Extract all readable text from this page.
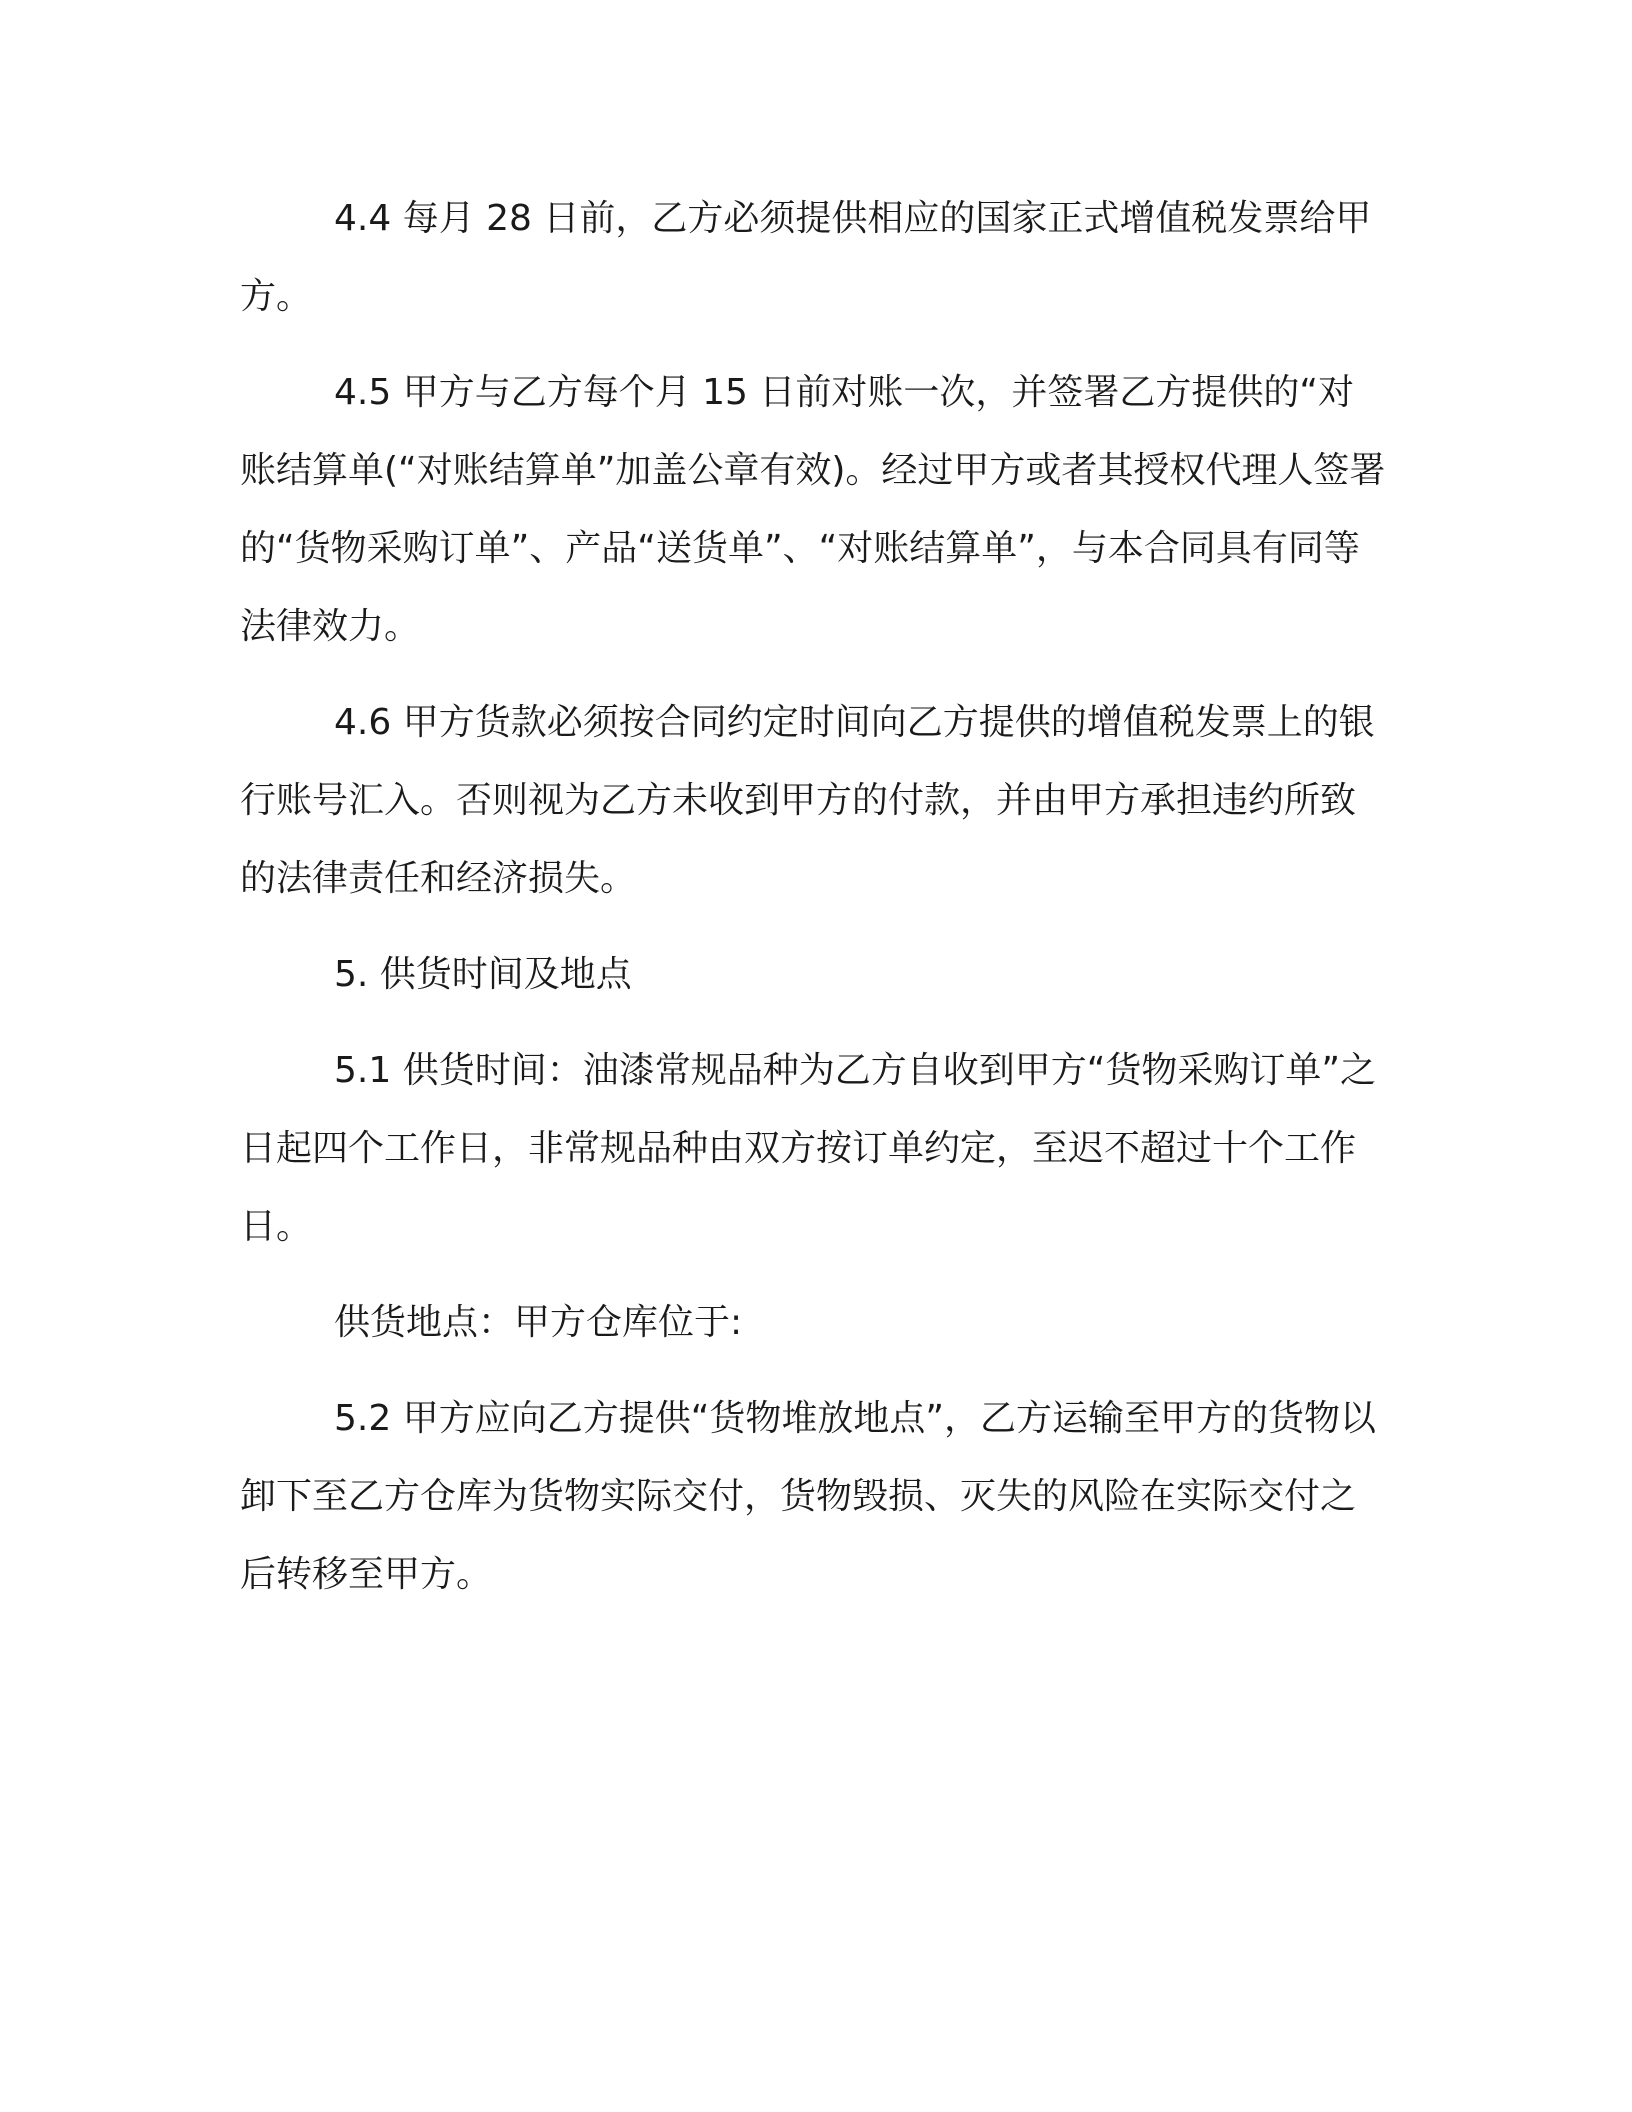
4.4 每月 28 日前，乙方必须提供相应的国家正式增值税发票给甲方。

4.5 甲方与乙方每个月 15 日前对账一次，并签署乙方提供的“对账结算单(“对账结算单”加盖公章有效)。经过甲方或者其授权代理人签署的“货物采购订单”、产品“送货单”、“对账结算单”，与本合同具有同等法律效力。

4.6 甲方货款必须按合同约定时间向乙方提供的增值税发票上的银行账号汇入。否则视为乙方未收到甲方的付款，并由甲方承担违约所致的法律责任和经济损失。

5. 供货时间及地点

5.1 供货时间：油漆常规品种为乙方自收到甲方“货物采购订单”之日起四个工作日，非常规品种由双方按订单约定，至迟不超过十个工作日。

供货地点：甲方仓库位于:

5.2 甲方应向乙方提供“货物堆放地点”，乙方运输至甲方的货物以卸下至乙方仓库为货物实际交付，货物毁损、灭失的风险在实际交付之后转移至甲方。
